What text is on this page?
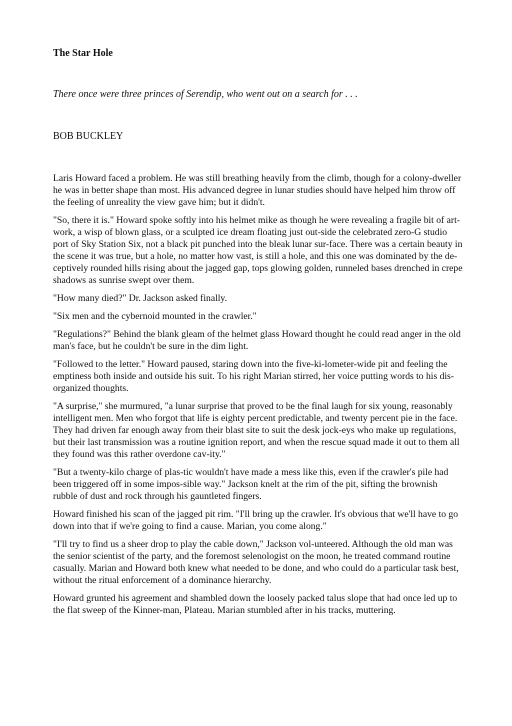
The Star Hole
There once were three princes of Serendip, who went out on a search for . . .
BOB BUCKLEY

Laris Howard faced a problem. He was still breathing heavily from the climb, though for a colony-dweller he was in better shape than most. His advanced degree in lunar studies should have helped him throw off the feeling of unreality the view gave him; but it didn't.

"So, there it is." Howard spoke softly into his helmet mike as though he were revealing a fragile bit of art-work, a wisp of blown glass, or a sculpted ice dream floating just out-side the celebrated zero-G studio port of Sky Station Six, not a black pit punched into the bleak lunar sur-face. There was a certain beauty in the scene it was true, but a hole, no matter how vast, is still a hole, and this one was dominated by the de-ceptively rounded hills rising about the jagged gap, tops glowing golden, runneled bases drenched in crepe shadows as sunrise swept over them.

"How many died?" Dr. Jackson asked finally.

"Six men and the cybernoid mounted in the crawler."

"Regulations?" Behind the blank gleam of the helmet glass Howard thought he could read anger in the old man's face, but he couldn't be sure in the dim light.

"Followed to the letter." Howard paused, staring down into the five-ki-lometer-wide pit and feeling the emptiness both inside and outside his suit. To his right Marian stirred, her voice putting words to his dis-organized thoughts.

"A surprise," she murmured, "a lunar surprise that proved to be the final laugh for six young, reasonably intelligent men. Men who forgot that life is eighty percent predictable, and twenty percent pie in the face. They had driven far enough away from their blast site to suit the desk jock-eys who make up regulations, but their last transmission was a routine ignition report, and when the rescue squad made it out to them all they found was this rather overdone cav-ity."

"But a twenty-kilo charge of plas-tic wouldn't have made a mess like this, even if the crawler's pile had been triggered off in some impos-sible way." Jackson knelt at the rim of the pit, sifting the brownish rubble of dust and rock through his gauntleted fingers.

Howard finished his scan of the jagged pit rim. "I'll bring up the crawler. It's obvious that we'll have to go down into that if we're going to find a cause. Marian, you come along."

"I'll try to find us a sheer drop to play the cable down," Jackson vol-unteered. Although the old man was the senior scientist of the party, and the foremost selenologist on the moon, he treated command routine casually. Marian and Howard both knew what needed to be done, and who could do a particular task best, without the ritual enforcement of a dominance hierarchy.

Howard grunted his agreement and shambled down the loosely packed talus slope that had once led up to the flat sweep of the Kinner-man, Plateau. Marian stumbled after in his tracks, muttering.
